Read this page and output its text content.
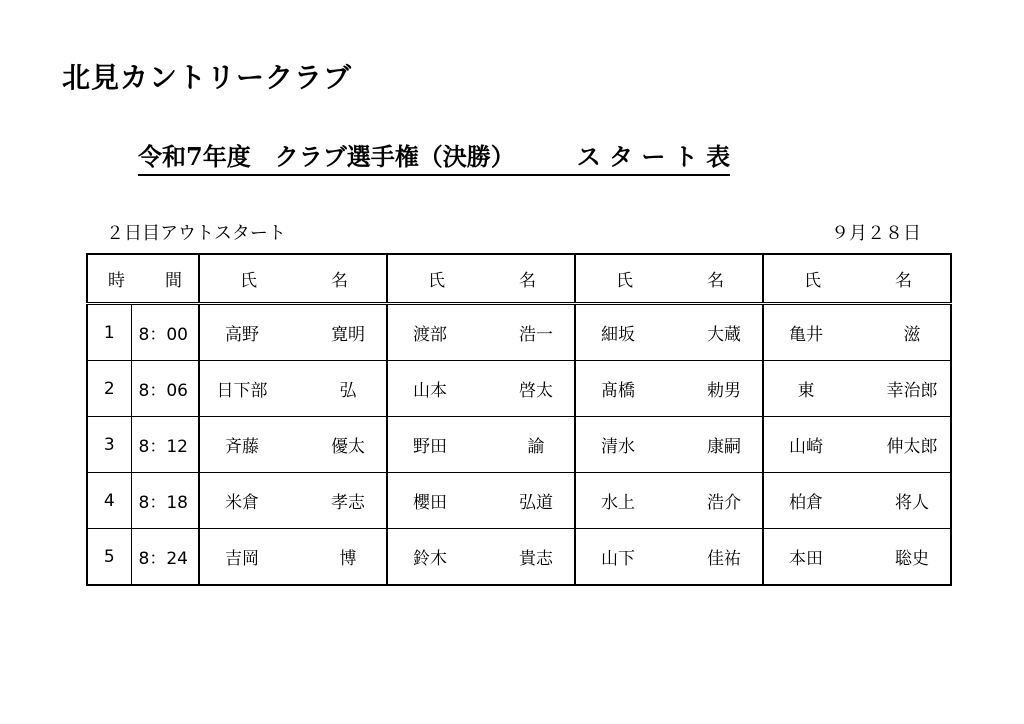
北見カントリークラブ
令和7年度　クラブ選手権（決勝）	ス タ ー ト 表
２日目アウトスタート	９月２８日
時 間		氏 名	氏 名	氏 名	氏 名

1	8：00	高野 寛明	渡部 浩一	細坂 大蔵	亀井 滋

2	8：06	日下部 弘	山本 啓太	髙橋 勅男	東 幸治郎

3	8：12	斉藤 優太	野田 諭	清水 康嗣	山崎 伸太郎

4	8：18	米倉 孝志	櫻田 弘道	水上 浩介	柏倉 将人

5	8：24	吉岡 博	鈴木 貴志	山下 佳祐	本田 聡史
